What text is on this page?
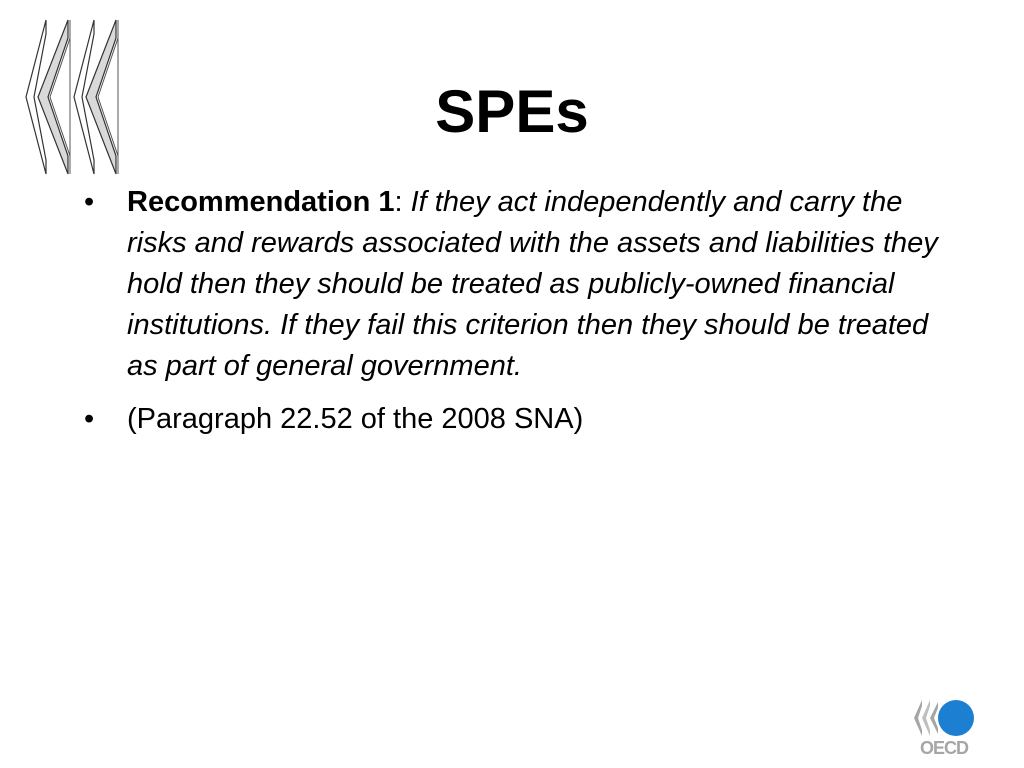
SPEs
• Recommendation 1: If they act independently and carry the risks and rewards associated with the assets and liabilities they hold then they should be treated as publicly-owned financial institutions. If they fail this criterion then they should be treated as part of general government.
• (Paragraph 22.52 of the 2008 SNA)
OECD
